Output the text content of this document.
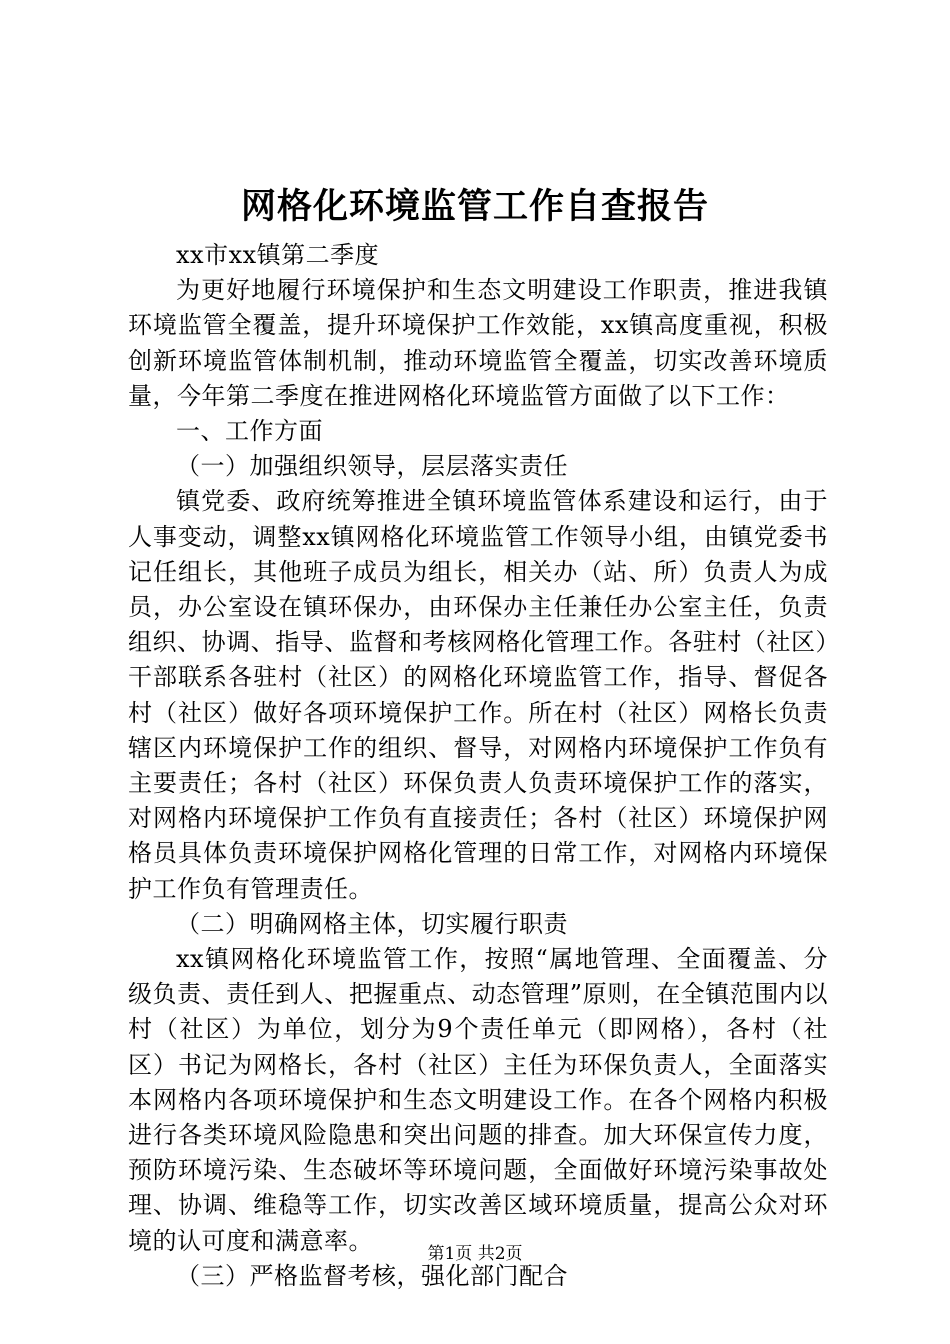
网格化环境监管工作自查报告

xx市xx镇第二季度

为更好地履行环境保护和生态文明建设工作职责，推进我镇环境监管全覆盖，提升环境保护工作效能，xx镇高度重视，积极创新环境监管体制机制，推动环境监管全覆盖，切实改善环境质量，今年第二季度在推进网格化环境监管方面做了以下工作：

一、工作方面

（一）加强组织领导，层层落实责任

镇党委、政府统筹推进全镇环境监管体系建设和运行，由于人事变动，调整xx镇网格化环境监管工作领导小组，由镇党委书记任组长，其他班子成员为组长，相关办（站、所）负责人为成员，办公室设在镇环保办，由环保办主任兼任办公室主任，负责组织、协调、指导、监督和考核网格化管理工作。各驻村（社区）干部联系各驻村（社区）的网格化环境监管工作，指导、督促各村（社区）做好各项环境保护工作。所在村（社区）网格长负责辖区内环境保护工作的组织、督导，对网格内环境保护工作负有主要责任；各村（社区）环保负责人负责环境保护工作的落实，对网格内环境保护工作负有直接责任；各村（社区）环境保护网格员具体负责环境保护网格化管理的日常工作，对网格内环境保护工作负有管理责任。

（二）明确网格主体，切实履行职责

xx镇网格化环境监管工作，按照“属地管理、全面覆盖、分级负责、责任到人、把握重点、动态管理”原则，在全镇范围内以村（社区）为单位，划分为9个责任单元（即网格），各村（社区）书记为网格长，各村（社区）主任为环保负责人，全面落实本网格内各项环境保护和生态文明建设工作。在各个网格内积极进行各类环境风险隐患和突出问题的排查。加大环保宣传力度，预防环境污染、生态破坏等环境问题，全面做好环境污染事故处理、协调、维稳等工作，切实改善区域环境质量，提高公众对环境的认可度和满意率。

（三）严格监督考核，强化部门配合

第1页 共2页
